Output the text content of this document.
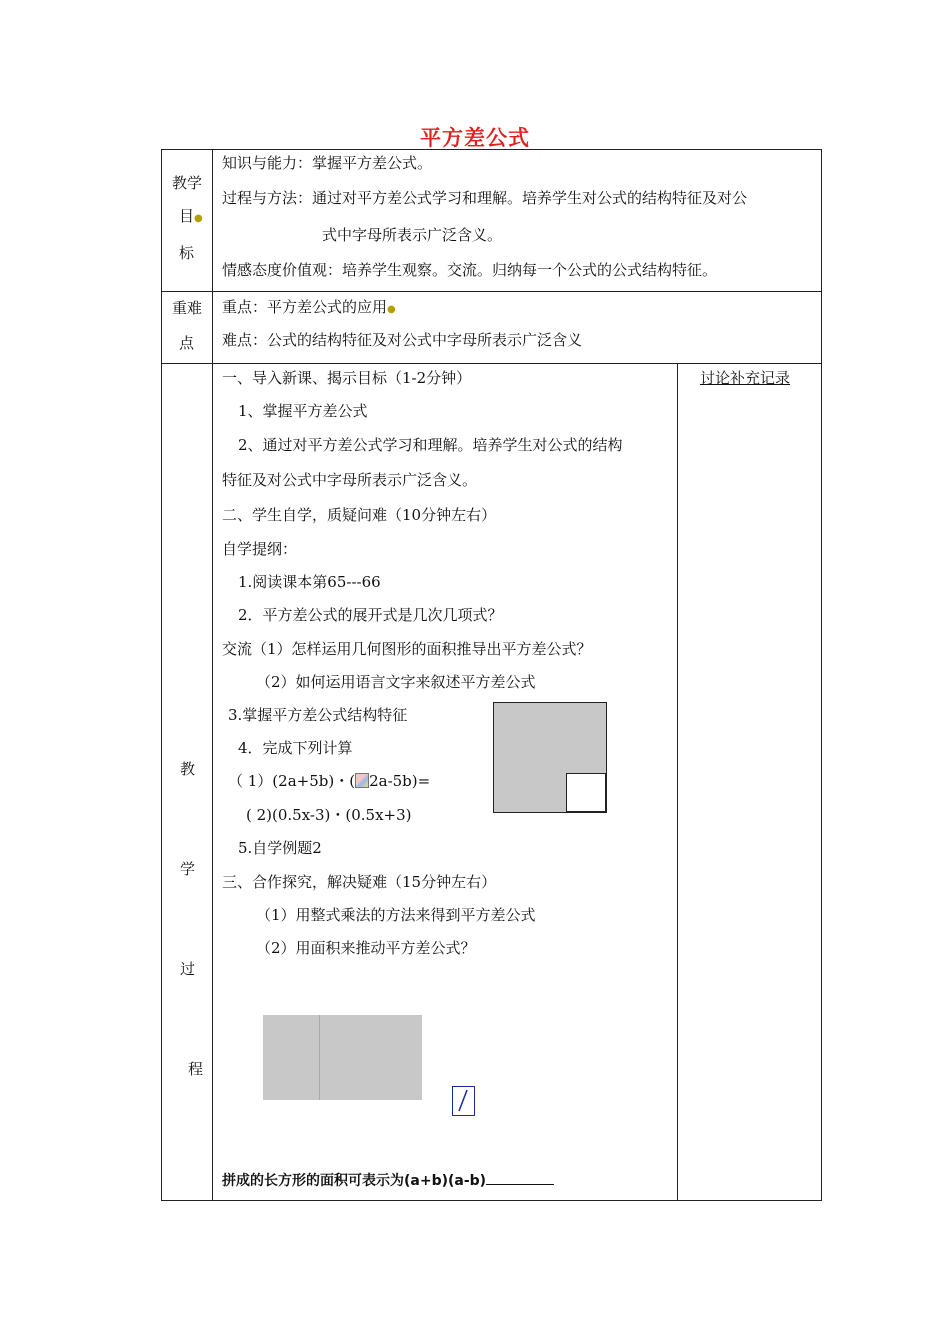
平方差公式
教学
目●
标
知识与能力：掌握平方差公式。
过程与方法：通过对平方差公式学习和理解。培养学生对公式的结构特征及对公
式中字母所表示广泛含义。
情感态度价值观：培养学生观察。交流。归纳每一个公式的公式结构特征。
重难
点
重点：平方差公式的应用●
难点：公式的结构特征及对公式中字母所表示广泛含义
教
学
过
程
讨论补充记录
一、导入新课、揭示目标（1-2分钟）
1、掌握平方差公式
2、通过对平方差公式学习和理解。培养学生对公式的结构
特征及对公式中字母所表示广泛含义。
二、学生自学，质疑问难（10分钟左右）
自学提纲：
1.阅读课本第65---66
2．平方差公式的展开式是几次几项式？
交流（1）怎样运用几何图形的面积推导出平方差公式？
（2）如何运用语言文字来叙述平方差公式
3.掌握平方差公式结构特征
4．完成下列计算
（ 1）(2a+5b)・( 2a-5b)=
( 2)(0.5x-3)・(0.5x+3)
5.自学例题2
三、合作探究，解决疑难（15分钟左右）
（1）用整式乘法的方法来得到平方差公式
（2）用面积来推动平方差公式？
拼成的长方形的面积可表示为(a+b)(a-b)
